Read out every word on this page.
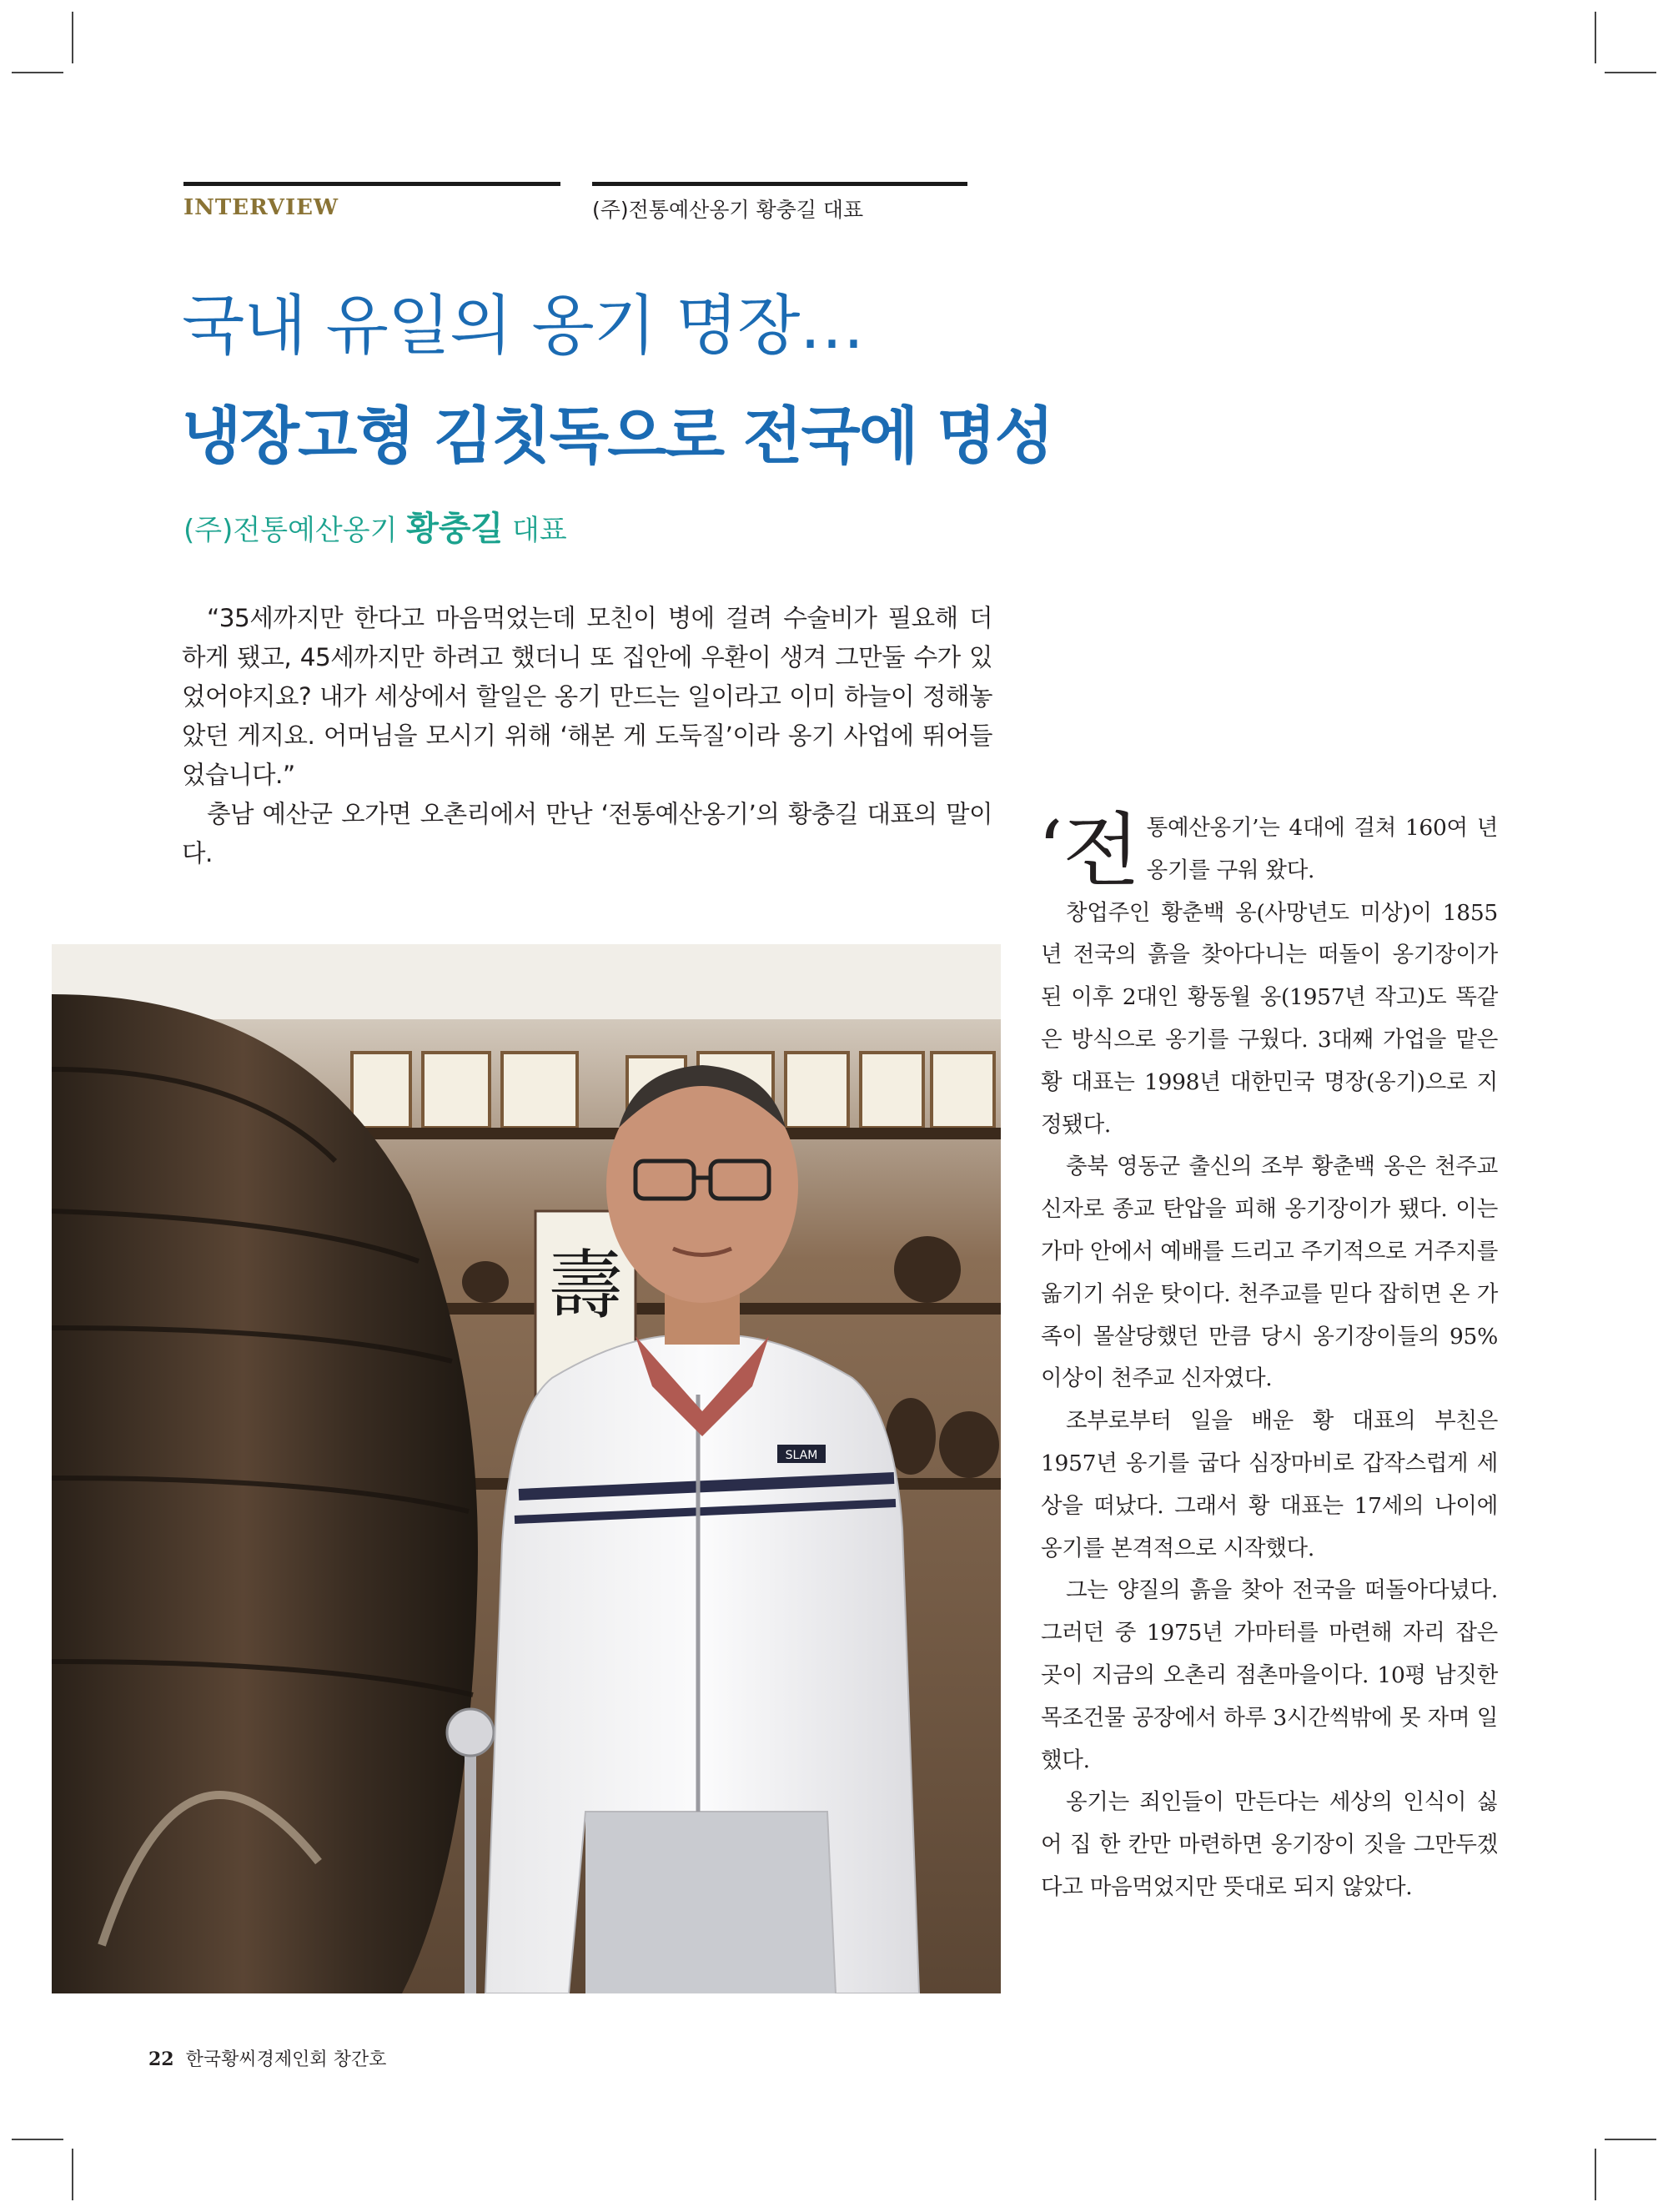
INTERVIEW	(주)전통예산옹기 황충길 대표
국내 유일의 옹기 명장…
냉장고형 김칫독으로 전국에 명성
(주)전통예산옹기 황충길 대표

“35세까지만 한다고 마음먹었는데 모친이 병에 걸려 수술비가 필요해 더 하게 됐고, 45세까지만 하려고 했더니 또 집안에 우환이 생겨 그만둘 수가 있었어야지요? 내가 세상에서 할일은 옹기 만드는 일이라고 이미 하늘이 정해놓았던 게지요. 어머님을 모시기 위해 ‘해본 게 도둑질’이라 옹기 사업에 뛰어들었습니다.”

충남 예산군 오가면 오촌리에서 만난 ‘전통예산옹기’의 황충길 대표의 말이다.

壽
SLAM

‘전통예산옹기’는 4대에 걸쳐 160여 년 옹기를 구워 왔다.

창업주인 황춘백 옹(사망년도 미상)이 1855년 전국의 흙을 찾아다니는 떠돌이 옹기장이가 된 이후 2대인 황동월 옹(1957년 작고)도 똑같은 방식으로 옹기를 구웠다. 3대째 가업을 맡은 황 대표는 1998년 대한민국 명장(옹기)으로 지정됐다.

충북 영동군 출신의 조부 황춘백 옹은 천주교 신자로 종교 탄압을 피해 옹기장이가 됐다. 이는 가마 안에서 예배를 드리고 주기적으로 거주지를 옮기기 쉬운 탓이다. 천주교를 믿다 잡히면 온 가족이 몰살당했던 만큼 당시 옹기장이들의 95% 이상이 천주교 신자였다.

조부로부터 일을 배운 황 대표의 부친은 1957년 옹기를 굽다 심장마비로 갑작스럽게 세상을 떠났다. 그래서 황 대표는 17세의 나이에 옹기를 본격적으로 시작했다.

그는 양질의 흙을 찾아 전국을 떠돌아다녔다. 그러던 중 1975년 가마터를 마련해 자리 잡은 곳이 지금의 오촌리 점촌마을이다. 10평 남짓한 목조건물 공장에서 하루 3시간씩밖에 못 자며 일했다.

옹기는 죄인들이 만든다는 세상의 인식이 싫어 집 한 칸만 마련하면 옹기장이 짓을 그만두겠다고 마음먹었지만 뜻대로 되지 않았다.

22 한국황씨경제인회 창간호
